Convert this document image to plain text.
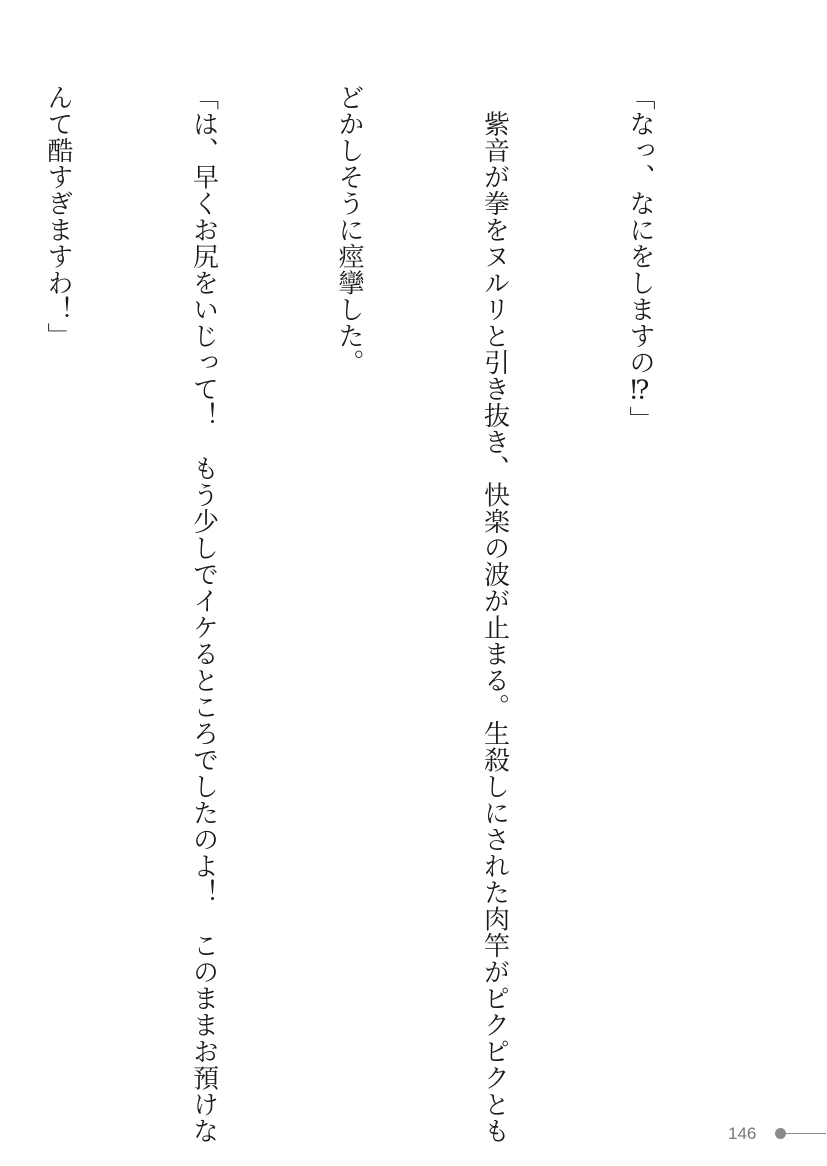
「なっ、なにをしますの⁉」

　紫音が拳をヌルリと引き抜き、快楽の波が止まる。生殺しにされた肉竿がピクピクとも

どかしそうに痙攣した。

「は、早くお尻をいじって！　もう少しでイケるところでしたのよ！　このままお預けな

んて酷すぎますわ！」

146
